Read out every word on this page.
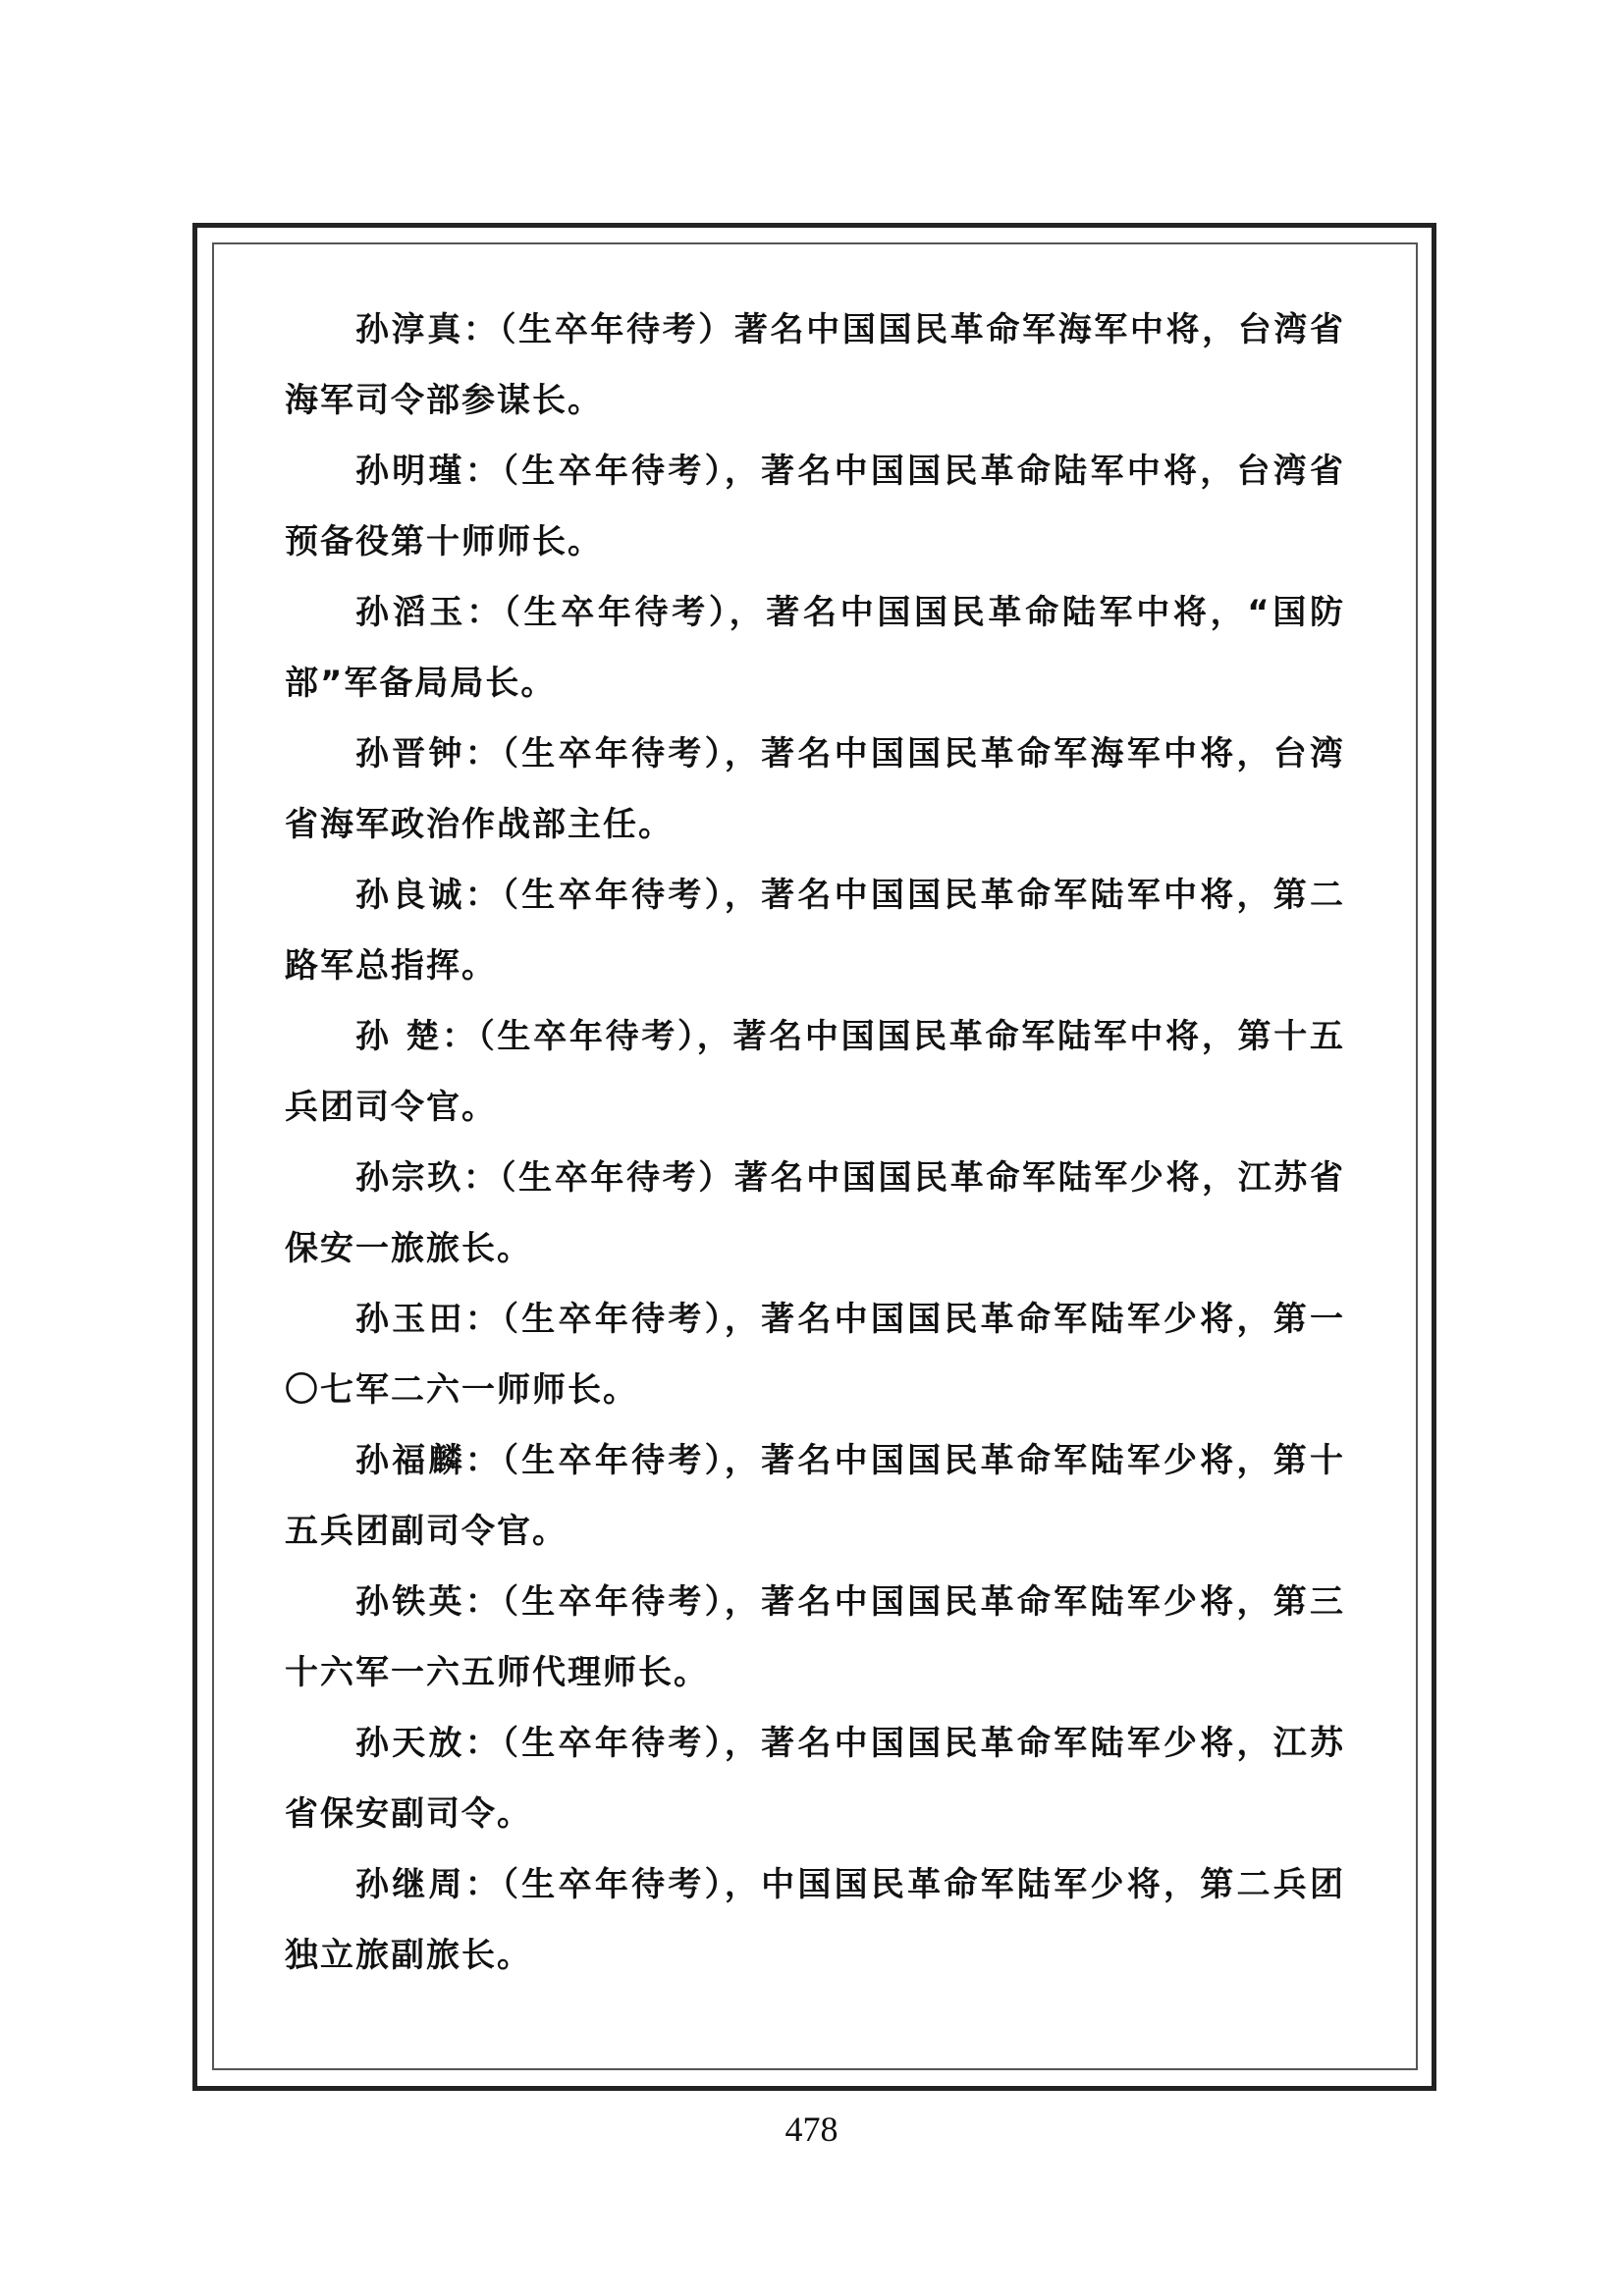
孙淳真：（生卒年待考）著名中国国民革命军海军中将，台湾省海军司令部参谋长。

孙明瑾：（生卒年待考），著名中国国民革命陆军中将，台湾省预备役第十师师长。

孙滔玉：（生卒年待考），著名中国国民革命陆军中将，“国防部”军备局局长。

孙晋钟：（生卒年待考），著名中国国民革命军海军中将，台湾省海军政治作战部主任。

孙良诚：（生卒年待考），著名中国国民革命军陆军中将，第二路军总指挥。

孙 楚：（生卒年待考），著名中国国民革命军陆军中将，第十五兵团司令官。

孙宗玖：（生卒年待考）著名中国国民革命军陆军少将，江苏省保安一旅旅长。

孙玉田：（生卒年待考），著名中国国民革命军陆军少将，第一〇七军二六一师师长。

孙福麟：（生卒年待考），著名中国国民革命军陆军少将，第十五兵团副司令官。

孙铁英：（生卒年待考），著名中国国民革命军陆军少将，第三十六军一六五师代理师长。

孙天放：（生卒年待考），著名中国国民革命军陆军少将，江苏省保安副司令。

孙继周：（生卒年待考），中国国民革命军陆军少将，第二兵团独立旅副旅长。

478
